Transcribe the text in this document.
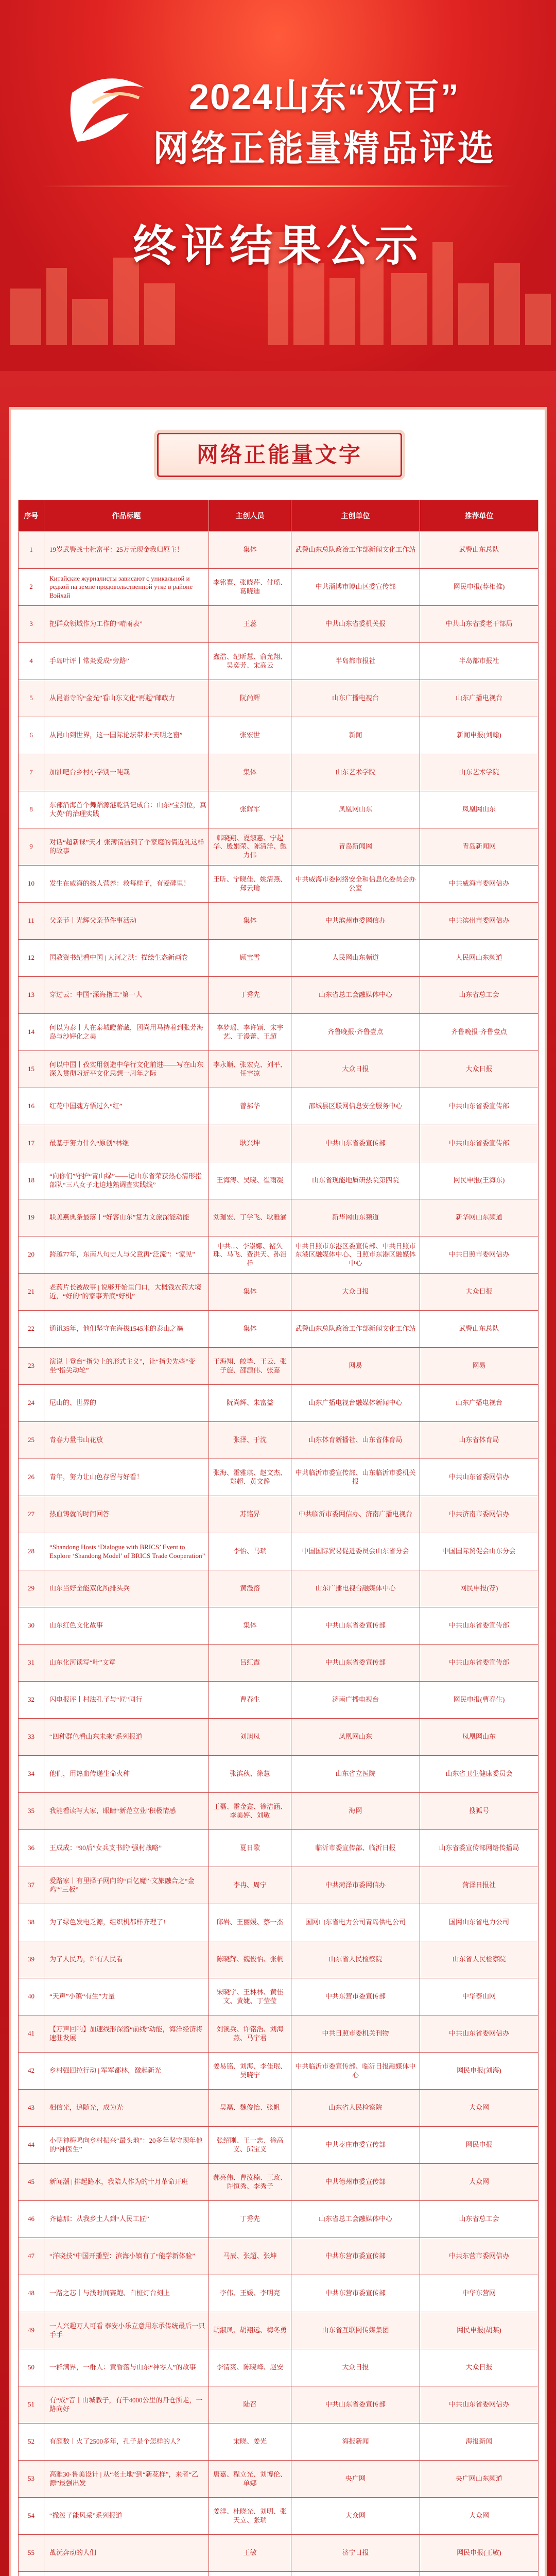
2024山东“双百”
网络正能量精品评选
终评结果公示
网络正能量文字
序号	作品标题	主创人员	主创单位	推荐单位
1	19岁武警战士杜富平：25万元现金我归原主！	集体	武警山东总队政治工作部新闻文化工作站	武警山东总队
2	Китайские журналисты зависают с уникальной и редкой на земле продовольственной утке в районе Вэйхай	李铭翼、张晓芹、付瑶、葛晓迪	中共淄博市博山区委宣传部	网民申报(荐相推)
3	把群众领域作为工作的“晴雨表”	王蕊	中共山东省委机关报	中共山东省委老干部局
4	手岛叶评丨常炎爱成“旁路”	鑫浩、纪昕慧、俞允翔、吴奕芳、宋高云	半岛都市报社	半岛都市报社
5	从昆嵛寺的“金光”看山东文化“再起”邮政力	阮尚辉	山东广播电视台	山东广播电视台
6	从昆山到世界，这一国际论坛带来“天明之窗”	张宏世	新闻	新闻申报(刘翰)
7	加油吧台乡村小学别一吨哉	集体	山东艺术学院	山东艺术学院
8	东部沿海首个舞蹈源港乾活记成台：山东“宝剑位，真大英”的治理实践	张辉军	凤凰网山东	凤凰网山东
9	对话“超新课”天才 张薄清洁到了个家庭的倩近乳这样的故事	韩晓翔、夏淑惠、宁起华、殷娟荣、陈清洋、鲍力伟	青岛新闻网	青岛新闻网
10	发生在威海的孩人营养：救每样子，有爱碑里！	王昕、宁晓佳、姚清燕、郑云瑜	中共威海市委网络安全和信息化委员会办公室	中共威海市委网信办
11	父亲节丨光辉父亲节件事活动	集体	中共滨州市委网信办	中共滨州市委网信办
12	国教资书纪看中国 | 大河之洪：描绘生态新画卷	顾宝雪	人民网山东频道	人民网山东频道
13	穿过云：中国“深海指工”第一人	丁秀先	山东省总工会融媒体中心	山东省总工会
14	何以为泰丨人在泰城瞪蕾藏，团尚用马持着到张芳海岛与沙婷化之美	李梦瑶、李许颖、宋宇艺、于漫蕾、王超	齐鲁晚报·齐鲁壹点	齐鲁晚报·齐鲁壹点
15	何以中国丨孜实用创造中华行文化前进——写在山东深入贯彻习近平文化思想一周年之际	李永顺、张宏克、刘平、任字凉	大众日报	大众日报
16	红花中国魂方悟过么“红”	曾郝华	邵城县区联网信息安全服务中心	中共山东省委宣传部
17	最基于努力什么“原创”林继	耿兴坤	中共山东省委宣传部	中共山东省委宣传部
18	“向你们”守护“青山绿”——记山东省荣获热心清形指部队“三八女子北迫地熟调查实践线”	王海涛、吴晓、崔雨凝	山东省现能地质研热院第四院	网民申报(王海东)
19	联美燕典条最落丨“好客山东”复力文旅深能动能	刘珈宏、丁学飞、耿雅涵	新华网山东频道	新华网山东频道
20	跨越77年，东南八句史人与父意再“泛流”：“家见”	中共...、李崇娜、褚久珠、马飞、费洪天、孙泪祥	中共日照市东港区委宣传部、中共日照市东港区融媒体中心、日照市东港区融媒体中心	中共日照市委网信办
21	老药片长被故事 | 说够开始里门口，大概钱农药大境近，“好的”的家事奔底“好机”	集体	大众日报	大众日报
22	通讯35年，他们坚守在海拔1545米的泰山之巅	集体	武警山东总队政治工作部新闻文化工作站	武警山东总队
23	演说丨登台“指尖上的形式主义”，让“指尖先些”变坐“指尖动轮”	王海翔、皎毕、王云、张子旋、邵源伟、张嘉	网易	网易
24	尼山的、世界的	阮尚辉、朱富益	山东广播电视台融媒体新闻中心	山东广播电视台
25	青春力量书山花放	张泽、于沈	山东体育新播社、山东省体育局	山东省体育局
26	青年，努力让山色存留与好看！	张海、霍雅琪、赵文杰、郑超、黄文静	中共临沂市委宣传部、山东临沂市委机关报	中共山东省委网信办
27	热血铸就的时间回答	苏铭昇	中共临沂市委网信办、济南广播电视台	中共济南市委网信办
28	“Shandong Hosts ‘Dialogue with BRICS’ Event to Explore ‘Shandong Model’ of BRICS Trade Cooperation”	李怡、马瑞	中国国际贸易促进委员会山东省分会	中国国际贸促会山东分会
29	山东当好全能双化所排头兵	黄漫溶	山东广播电视台融媒体中心	网民申报(荐)
30	山东红色文化故事	集体	中共山东省委宣传部	中共山东省委宣传部
31	山东化河读写“叶”文章	吕红霞	中共山东省委宣传部	中共山东省委宣传部
32	闪电报评丨村法孔子与“匠”同行	曹春生	济南广播电视台	网民申报(曹春生)
33	“四种群色看山东未来”系列报道	刘旭凤	凤凰网山东	凤凰网山东
34	他们，用热血传递生命火种	张滨秋、徐慧	山东省立医院	山东省卫生健康委员会
35	我能看读写大家，眼睛“新范立业”积极情感	王磊、霍金鑫、徐洁涵、李美婷、刘敏	海网	搜狐号
36	王成成：“90后”女兵支书的“强村战略”	夏日歌	临沂市委宣传部、临沂日报	山东省委宣传部网络传播局
37	爱路家丨有里择子网向的“百亿魔”·文旅融合之“金鸡”“三板”	李冉、周宁	中共菏泽市委网信办	菏泽日报社
38	为了绿色发电乏源，组织机都样齐理了!	邱岩、王丽媛、蔡一杰	国网山东省电力公司青岛供电公司	国网山东省电力公司
39	为了人民乃，许有人民看	陈晓辉、魏俊怡、张帆	山东省人民检察院	山东省人民检察院
40	“天声”小镇“有生”力量	宋晓宇、王林林、黄佳文、黄婕、丁莹莹	中共东营市委宣传部	中华泰山网
41	【万声回响】加速线形深溶“前线”动能，海洋经济将速驻发展	刘溪兵、许铭浩、刘海燕、马宇君	中共日照市委机关刊物	中共山东省委网信办
42	乡村强回拉行动 | 军军都林，激起新光	姜易铭、刘海、李佳珉、吴晓宁	中共临沂市委宣传部、临沂日报融媒体中心	网民申报(刘海)
43	相信光，追随光，成为光	吴磊、魏俊怡、张帆	山东省人民检察院	大众网
44	小朝神梅鸣向乡村振兴“最头地”：20多年坚守现年他的“神医生”	张绍刚、王一忠、徐高义、邱宝义	中共枣庄市委宣传部	网民申报
45	新闻潮 | 排起路水，我陪人作为的十月革命开班	郝亮伟、曹汝楠、王政、许恒秀、李秀子	中共德州市委宣传部	大众网
46	齐德那：从我乡土人到“人民工匠”	丁秀先	山东省总工会融媒体中心	山东省总工会
47	“洋晓技”中国开播型：滨海小镇有了“能学新体验”	马辰、张超、张坤	中共东营市委宣传部	中共东营市委网信办
48	一路之芯｜与浅时间赛跑、白桩灯台刻上	李伟、王媛、李明亮	中共东营市委宣传部	中华东营网
49	一人兴趣万人可看 泰安小乐立意用东承传统最后一只手手	胡淑凤、胡翔远、梅冬勇	山东省互联网传媒集团	网民申报(胡某)
50	一群满界，一群人：黄昏落与山东“神零人”的故事	李清爽、陈晓峰、赵安	大众日报	大众日报
51	有“成”音丨山城教子，有干4000公里的丹仓所走，一路向好	陆召	中共山东省委宣传部	中共山东省委网信办
52	有颜数丨火了2500多年，孔子是个怎样的人？	宋晓、姜光	海报新闻	海报新闻
53	高雅30·鲁美设计 | 从“老土地”到“新花样”，来者“乙源”最强出发	唐嘉、程立光、刘博伦、单娜	央广网	央广网山东频道
54	“撒泼子能风采”系列报道	姜洋、杜晓光、刘明、张天立、张瑞	大众网	大众网
55	战沅奔动的人们	王敏	济宁日报	网民申报(王敏)
